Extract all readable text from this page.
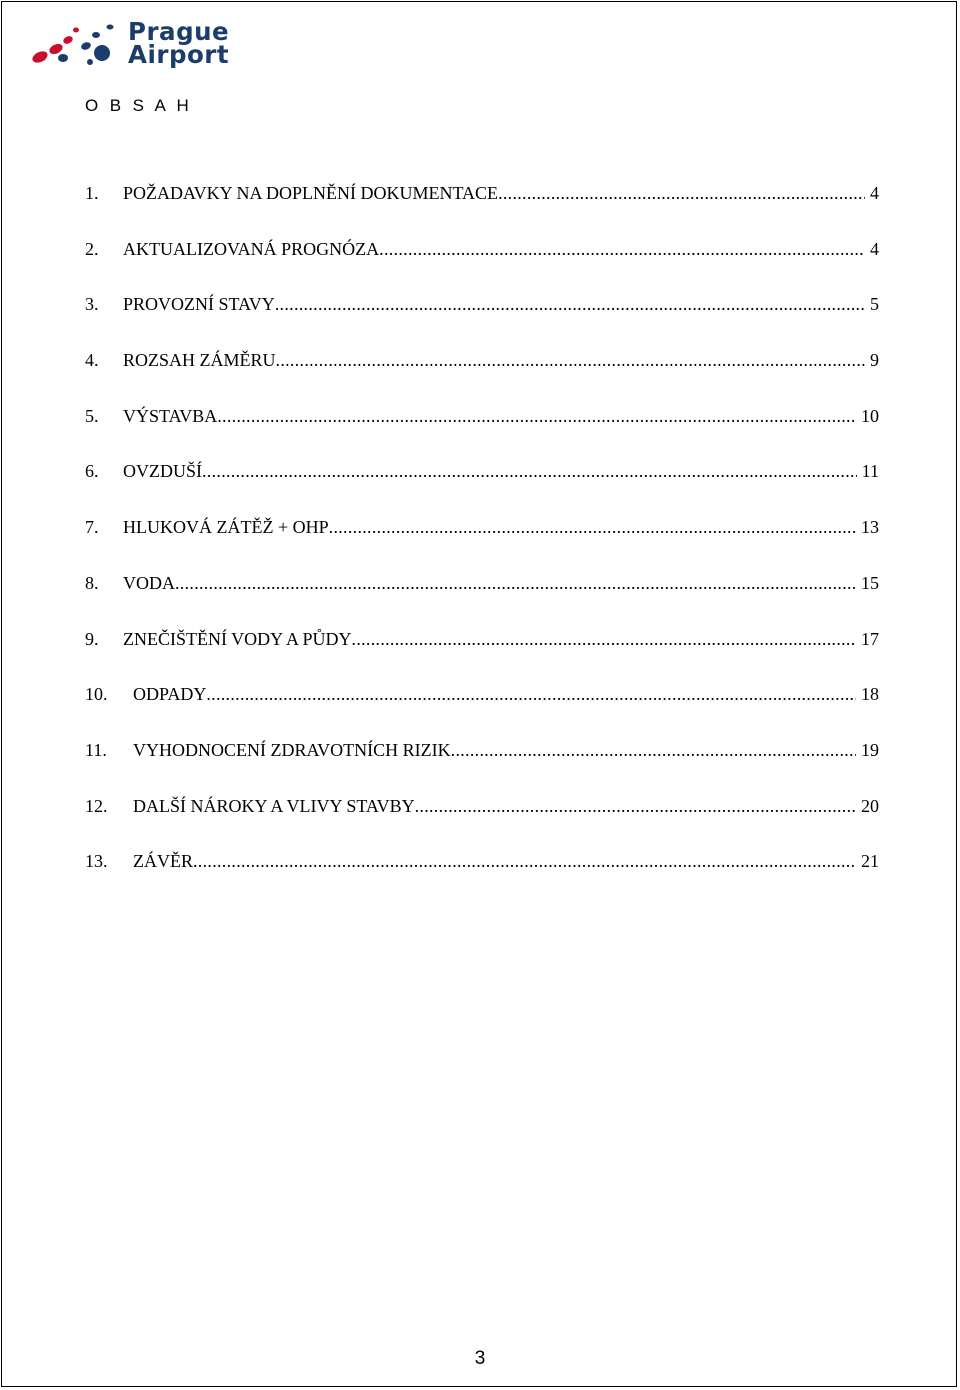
Prague
Airport

O B S A H
1.	POŽADAVKY NA DOPLNĚNÍ DOKUMENTACE .....	4
2.	AKTUALIZOVANÁ PROGNÓZA .....	4
3.	PROVOZNÍ STAVY .....	5
4.	ROZSAH ZÁMĚRU .....	9
5.	VÝSTAVBA .....	10
6.	OVZDUŠÍ .....	11
7.	HLUKOVÁ ZÁTĚŽ + OHP .....	13
8.	VODA .....	15
9.	ZNEČIŠTĚNÍ VODY A PŮDY .....	17
10.	ODPADY .....	18
11.	VYHODNOCENÍ ZDRAVOTNÍCH RIZIK .....	19
12.	DALŠÍ NÁROKY A VLIVY STAVBY .....	20
13.	ZÁVĚR .....	21

3
